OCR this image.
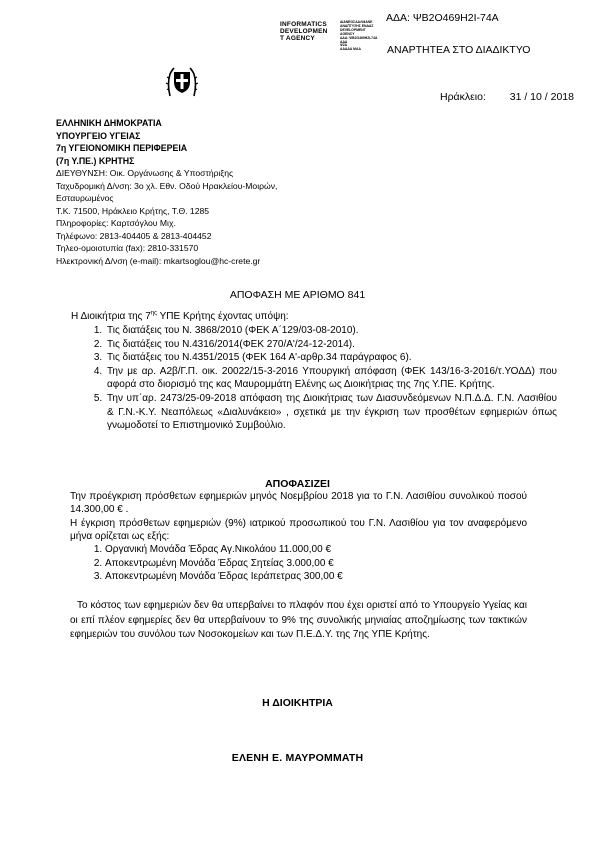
ΑΔΑ: ΨΒ2Ο469Η2Ι-74Α
INFORMATICS
DEVELOPMEN
T AGENCY
ΔΙΑΝΕΟΣΑΑΛΜΑΝΕ
ΑΝΑΠΤΥΞΗΣ ΕΝΔΑΣ
DEVELOPMENT AGENCY
ΔΑΑ: ΨΒ2Ο469Η2Ι-74Α
ΑΔΑ
Ψ2Α
ΑΑΔΑΑ ΜΑΑ	ΑΝΑΡΤΗΤΕΑ ΣΤΟ ΔΙΑΔΙΚΤΥΟ
Ηράκλειο: 31 / 10 / 2018
ΕΛΛΗΝΙΚΗ ΔΗΜΟΚΡΑΤΙΑ
ΥΠΟΥΡΓΕΙΟ ΥΓΕΙΑΣ
7η ΥΓΕΙΟΝΟΜΙΚΗ ΠΕΡΙΦΕΡΕΙΑ
(7η Υ.ΠΕ.) ΚΡΗΤΗΣ
ΔΙΕΥΘΥΝΣΗ: Οικ. Οργάνωσης & Υποστήριξης
Ταχυδρομική Δ/νση: 3ο χλ. Εθν. Οδού Ηρακλείου-Μοιρών,
Εσταυρωμένος
Τ.Κ. 71500, Ηράκλειο Κρήτης, Τ.Θ. 1285
Πληροφορίες: Καρτσόγλου Μιχ.
Τηλέφωνο: 2813-404405 & 2813-404452
Τηλεο-ομοιοτυπία (fax): 2810-331570
Ηλεκτρονική Δ/νση (e-mail): mkartsoglou@hc-crete.gr
ΑΠΟΦΑΣΗ ΜΕ ΑΡΙΘΜΟ 841
Η Διοικήτρια της $7^{\eta\varsigma}$ ΥΠΕ Κρήτης έχοντας υπόψη:
1. Τις διατάξεις του Ν. 3868/2010 (ΦΕΚ Α΄129/03-08-2010).
2. Τις διατάξεις του Ν.4316/2014(ΦΕΚ 270/Α'/24-12-2014).
3. Τις διατάξεις του Ν.4351/2015 (ΦΕΚ 164 Α'-αρθρ.34 παράγραφος 6).
4. Την με αρ. Α2β/Γ.Π. οικ. 20022/15-3-2016 Υπουργική απόφαση (ΦΕΚ 143/16-3-2016/τ.ΥΟΔΔ) που αφορά στο διορισμό της κας Μαυρομμάτη Ελένης ως Διοικήτριας της 7ης Υ.ΠΕ. Κρήτης.
5. Την υπ΄αρ. 2473/25-09-2018 απόφαση της Διοικήτριας των Διασυνδεόμενων Ν.Π.Δ.Δ. Γ.Ν. Λασιθίου & Γ.Ν.-Κ.Υ. Νεαπόλεως «Διαλυνάκειο» , σχετικά με την έγκριση των προσθέτων εφημεριών όπως γνωμοδοτεί το Επιστημονικό Συμβούλιο.
ΑΠΟΦΑΣΙΖΕΙ
Την προέγκριση πρόσθετων εφημεριών μηνός Νοεμβρίου 2018 για το Γ.Ν. Λασιθίου συνολικού ποσού 14.300,00 € .
Η έγκριση πρόσθετων εφημεριών (9%) ιατρικού προσωπικού του Γ.Ν. Λασιθίου για τον αναφερόμενο μήνα ορίζεται ως εξής:
1. Οργανική Μονάδα Έδρας Αγ.Νικολάου 11.000,00 €
2. Αποκεντρωμένη Μονάδα Έδρας Σητείας 3.000,00 €
3. Αποκεντρωμένη Μονάδα Έδρας Ιεράπετρας 300,00 €
Το κόστος των εφημεριών δεν θα υπερβαίνει το πλαφόν που έχει οριστεί από το Υπουργείο Υγείας και οι επί πλέον εφημερίες δεν θα υπερβαίνουν το 9% της συνολικής μηνιαίας αποζημίωσης των τακτικών εφημεριών του συνόλου των Νοσοκομείων και των Π.Ε.Δ.Υ. της 7ης ΥΠΕ Κρήτης.
Η ΔΙΟΙΚΗΤΡΙΑ
ΕΛΕΝΗ Ε. ΜΑΥΡΟΜΜΑΤΗ
